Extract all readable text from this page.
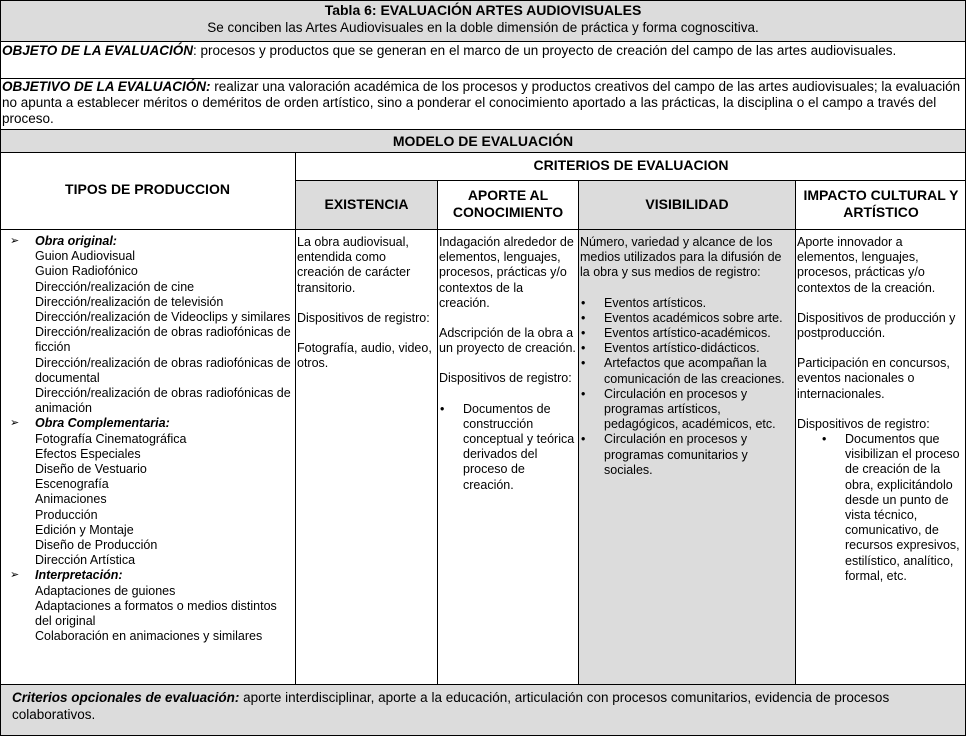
Tabla 6: EVALUACIÓN ARTES AUDIOVISUALES
Se conciben las Artes Audiovisuales en la doble dimensión de práctica y forma cognoscitiva.
OBJETO DE LA EVALUACIÓN: procesos y productos que se generan en el marco de un proyecto de creación del campo de las artes audiovisuales.
OBJETIVO DE LA EVALUACIÓN: realizar una valoración académica de los procesos y productos creativos del campo de las artes audiovisuales; la evaluación no apunta a establecer méritos o deméritos de orden artístico, sino a ponderar el conocimiento aportado a las prácticas, la disciplina o el campo a través del proceso.
MODELO DE EVALUACIÓN
TIPOS DE PRODUCCION
CRITERIOS DE EVALUACION
EXISTENCIA
APORTE AL CONOCIMIENTO	VISIBILIDAD
IMPACTO CULTURAL Y ARTÍSTICO
➢ Obra original:
Guion Audiovisual
Guion Radiofónico
Dirección/realización de cine
Dirección/realización de televisión
Dirección/realización de Videoclips y similares
Dirección/realización de obras radiofónicas de ficción
Dirección/realización de obras radiofónicas de documental
Dirección/realización de obras radiofónicas de animación
➢ Obra Complementaria:
Fotografía Cinematográfica
Efectos Especiales
Diseño de Vestuario
Escenografía
Animaciones
Producción
Edición y Montaje
Diseño de Producción
Dirección Artística
➢ Interpretación:
Adaptaciones de guiones
Adaptaciones a formatos o medios distintos del original
Colaboración en animaciones y similares

La obra audiovisual, entendida como creación de carácter transitorio.

Dispositivos de registro:

Fotografía, audio, video, otros.

Indagación alrededor de elementos, lenguajes, procesos, prácticas y/o contextos de la creación.

Adscripción de la obra a un proyecto de creación.

Dispositivos de registro:

• Documentos de construcción conceptual y teórica derivados del proceso de creación.

Número, variedad y alcance de los medios utilizados para la difusión de la obra y sus medios de registro:

• Eventos artísticos.
• Eventos académicos sobre arte.
• Eventos artístico-académicos.
• Eventos artístico-didácticos.
• Artefactos que acompañan la comunicación de las creaciones.
• Circulación en procesos y programas artísticos, pedagógicos, académicos, etc.
• Circulación en procesos y programas comunitarios y sociales.

Aporte innovador a elementos, lenguajes, procesos, prácticas y/o contextos de la creación.

Dispositivos de producción y postproducción.

Participación en concursos, eventos nacionales o internacionales.

Dispositivos de registro:

• Documentos que visibilizan el proceso de creación de la obra, explicitándolo desde un punto de vista técnico, comunicativo, de recursos expresivos, estilístico, analítico, formal, etc.
Criterios opcionales de evaluación: aporte interdisciplinar, aporte a la educación, articulación con procesos comunitarios, evidencia de procesos colaborativos.
